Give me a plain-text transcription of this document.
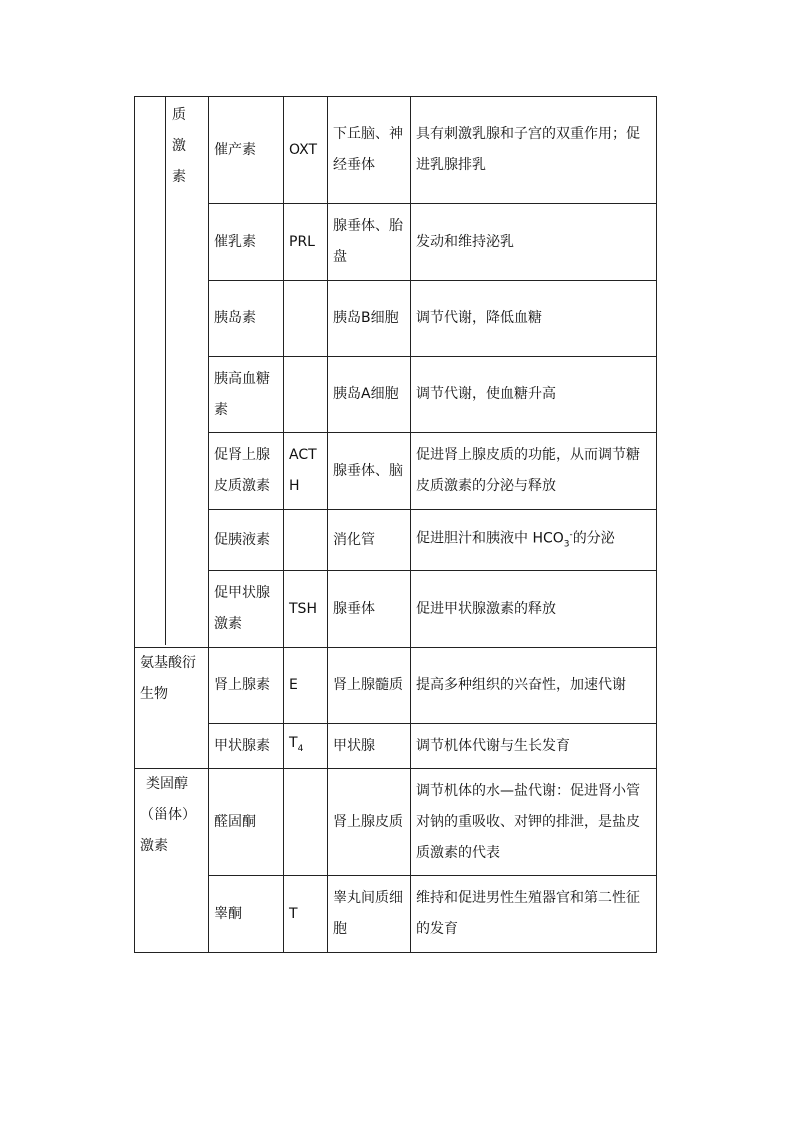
质
激
素	催产素	OXT	下丘脑、神经垂体	具有刺激乳腺和子宫的双重作用；促进乳腺排乳
	催乳素	PRL	腺垂体、胎盘	发动和维持泌乳
	胰岛素		胰岛B细胞	调节代谢，降低血糖
	胰高血糖素		胰岛A细胞	调节代谢，使血糖升高
	促肾上腺皮质激素	ACTH	腺垂体、脑	促进肾上腺皮质的功能，从而调节糖皮质激素的分泌与释放
	促胰液素		消化管	促进胆汁和胰液中 $HCO_3^-$的分泌
	促甲状腺激素	TSH	腺垂体	促进甲状腺激素的释放
氨基酸衍生物	肾上腺素	E	肾上腺髓质	提高多种组织的兴奋性，加速代谢
	甲状腺素	$T_4$	甲状腺	调节机体代谢与生长发育

类固醇
（甾体）
激素	醛固酮		肾上腺皮质	调节机体的水—盐代谢：促进肾小管对钠的重吸收、对钾的排泄，是盐皮质激素的代表
	睾酮	T	睾丸间质细胞	维持和促进男性生殖器官和第二性征的发育
